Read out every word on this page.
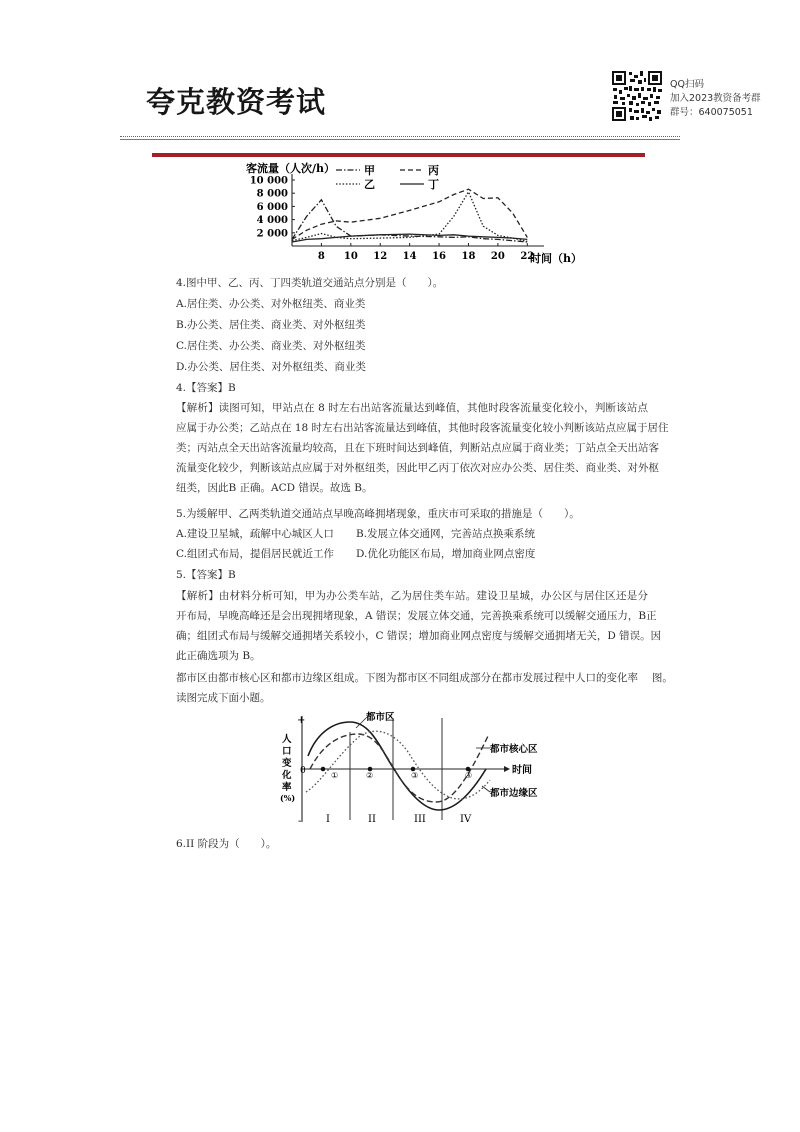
夸克教资考试
QQ扫码
加入2023教资备考群
群号：640075051
2 000
4 000
6 000
8 000
10 000
8 10 12 14 16 18 20 22
客流量（人次/h）
时间（h）
甲	丙
乙	丁
4.图中甲、乙、丙、丁四类轨道交通站点分别是（　　）。
A.居住类、办公类、对外枢纽类、商业类
B.办公类、居住类、商业类、对外枢纽类
C.居住类、办公类、商业类、对外枢纽类
D.办公类、居住类、对外枢纽类、商业类
4.【答案】B
【解析】读图可知，甲站点在 8 时左右出站客流量达到峰值，其他时段客流量变化较小，判断该站点
应属于办公类；乙站点在 18 时左右出站客流量达到峰值，其他时段客流量变化较小判断该站点应属于居住
类；丙站点全天出站客流量均较高，且在下班时间达到峰值，判断站点应属于商业类；丁站点全天出站客
流量变化较少，判断该站点应属于对外枢纽类，因此甲乙丙丁依次对应办公类、居住类、商业类、对外枢
纽类，因此B 正确。ACD 错误。故选 B。
5.为缓解甲、乙两类轨道交通站点早晚高峰拥堵现象，重庆市可采取的措施是（　　）。
A.建设卫星城，疏解中心城区人口 B.发展立体交通网，完善站点换乘系统
C.组团式布局，提倡居民就近工作 D.优化功能区布局，增加商业网点密度
5.【答案】B
【解析】由材料分析可知，甲为办公类车站，乙为居住类车站。建设卫星城，办公区与居住区还是分
开布局，早晚高峰还是会出现拥堵现象，A 错误；发展立体交通，完善换乘系统可以缓解交通压力，B正
确；组团式布局与缓解交通拥堵关系较小，C 错误；增加商业网点密度与缓解交通拥堵无关，D 错误。因
此正确选项为 B。
都市区由都市核心区和都市边缘区组成。下图为都市区不同组成部分在都市发展过程中人口的变化率　 图。
读图完成下面小题。
+
-
人
口
变
化
率
(%)
时间
0
都市区
都市核心区
都市边缘区
①	②	③	④
I	II	III	IV
6.II 阶段为（　　）。
